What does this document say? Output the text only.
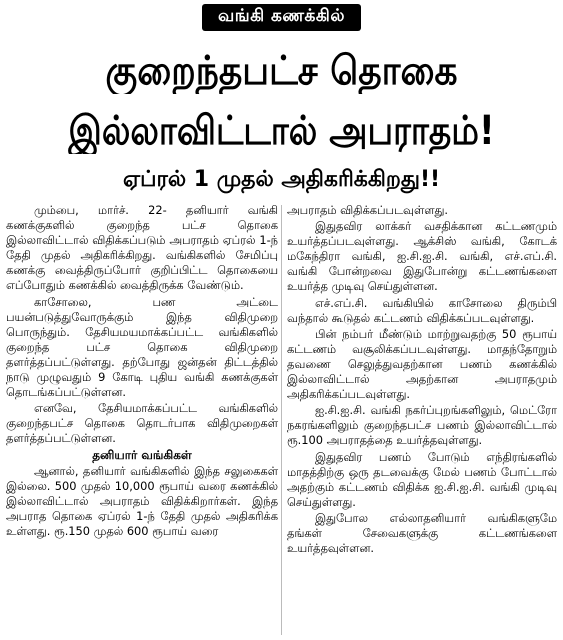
வங்கி கணக்கில்
குறைந்தபட்ச தொகை
இல்லாவிட்டால் அபராதம்!
ஏப்ரல் 1 முதல் அதிகரிக்கிறது!!

மும்பை, மார்ச். 22- தனியார் வங்கி கணக்குகளில் குறைந்த பட்ச தொகை இல்லாவிட்டால் விதிக்கப்படும் அபராதம் ஏப்ரல் 1-ந் தேதி முதல் அதிகரிக்கிறது. வங்கிகளில் சேமிப்பு கணக்கு வைத்திருப்போர் குறிப்பிட்ட தொகையை எப்போதும் கணக்கில் வைத்திருக்க வேண்டும்.

காசோலை, பண அட்டை பயன்படுத்துவோருக்கும் இந்த விதிமுறை பொருந்தும். தேசியமயமாக்கப்பட்ட வங்கிகளில் குறைந்த பட்ச தொகை விதிமுறை தளர்த்தப்பட்டுள்ளது. தற்போது ஜன்தன் திட்டத்தில் நாடு முழுவதும் 9 கோடி புதிய வங்கி கணக்குகள் தொடங்கப்பட்டுள்ளன.

எனவே, தேசியமாக்கப்பட்ட வங்கிகளில் குறைந்தபட்ச தொகை தொடர்பாக விதிமுறைகள் தளர்த்தப்பட்டுள்ளன.

தனியார் வங்கிகள்

ஆனால், தனியார் வங்கிகளில் இந்த சலுகைகள் இல்லை. 500 முதல் 10,000 ரூபாய் வரை கணக்கில் இல்லாவிட்டால் அபராதம் விதிக்கிறார்கள். இந்த அபராத தொகை ஏப்ரல் 1-ந் தேதி முதல் அதிகரிக்க உள்ளது. ரூ.150 முதல் 600 ரூபாய் வரை

அபராதம் விதிக்கப்படவுள்ளது.

இதுதவிர லாக்கர் வசதிக்கான கட்டணமும் உயர்த்தப்படவுள்ளது. ஆக்சிஸ் வங்கி, கோடக் மகேந்திரா வங்கி, ஐ.சி.ஐ.சி. வங்கி, எச்.எப்.சி. வங்கி போன்றவை இதுபோன்று கட்டணங்களை உயர்த்த முடிவு செய்துள்ளன.

எச்.எப்.சி. வங்கியில் காசோலை திரும்பி வந்தால் கூடுதல் கட்டணம் விதிக்கப்படவுள்ளது.

பின் நம்பர் மீண்டும் மாற்றுவதற்கு 50 ரூபாய் கட்டணம் வசூலிக்கப்படவுள்ளது. மாதந்தோறும் தவணை செலுத்துவதற்கான பணம் கணக்கில் இல்லாவிட்டால் அதற்கான அபராதமும் அதிகரிக்கப்படவுள்ளது.

ஐ.சி.ஐ.சி. வங்கி நகர்ப்புறங்களிலும், மெட்ரோ நகரங்களிலும் குறைந்தபட்ச பணம் இல்லாவிட்டால் ரூ.100 அபராதத்தை உயர்த்தவுள்ளது.

இதுதவிர பணம் போடும் எந்திரங்களில் மாதத்திற்கு ஒரு தடவைக்கு மேல் பணம் போட்டால் அதற்கும் கட்டணம் விதிக்க ஐ.சி.ஐ.சி. வங்கி முடிவு செய்துள்ளது.

இதுபோல எல்லாதனியார் வங்கிகளுமே தங்கள் சேவைகளுக்கு கட்டணங்களை உயர்த்தவுள்ளன.
